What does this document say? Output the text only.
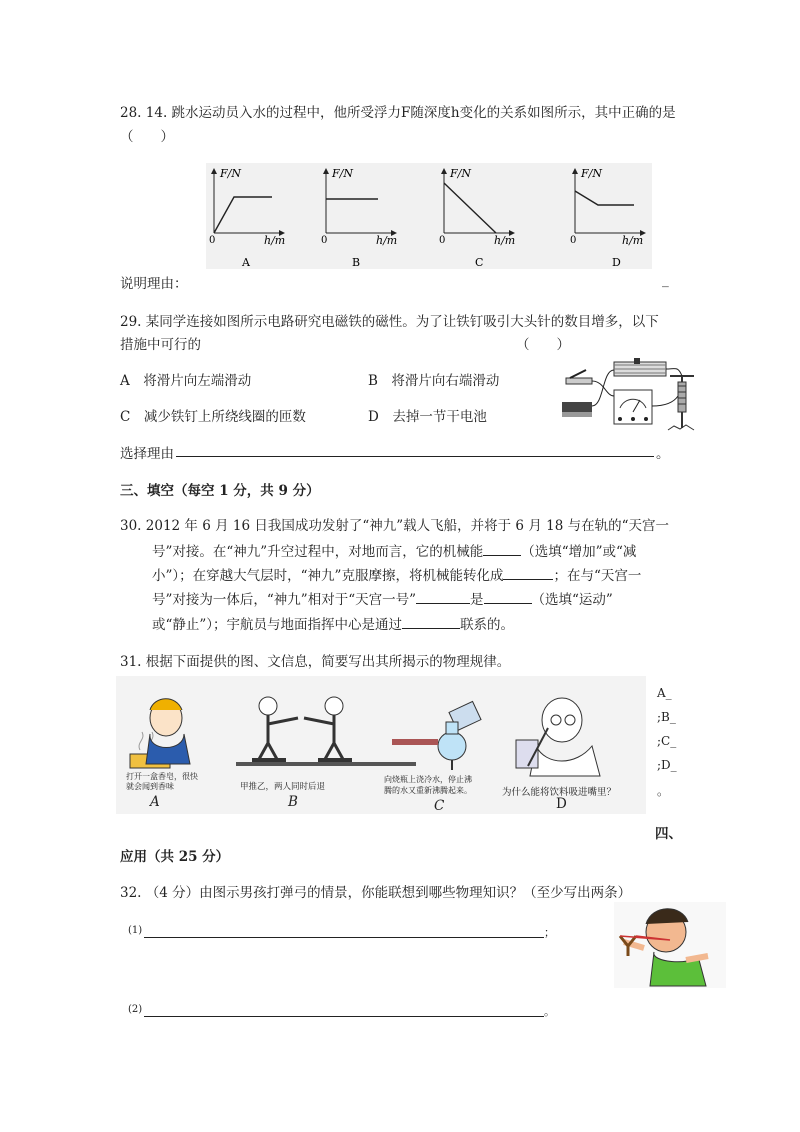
28. 14. 跳水运动员入水的过程中，他所受浮力F随深度h变化的关系如图所示，其中正确的是
（　　）
F/N
h/m
0
A
F/N
h/m
0
B
F/N
h/m
0
C
F/N
h/m
0
D
说明理由：	_
29. 某同学连接如图所示电路研究电磁铁的磁性。为了让铁钉吸引大头针的数目增多，以下
措施中可行的	（　　）
A　将滑片向左端滑动	B　将滑片向右端滑动
C　减少铁钉上所绕线圈的匝数	D　去掉一节干电池
选择理由	。
三、填空（每空 1 分，共 9 分）
30. 2012 年 6 月 16 日我国成功发射了“神九”载人飞船，并将于 6 月 18 与在轨的“天宫一
号”对接。在“神九”升空过程中，对地而言，它的机械能	（选填“增加”或“减
小”）；在穿越大气层时，“神九”克服摩擦，将机械能转化成	；在与“天宫一
号”对接为一体后，“神九”相对于“天宫一号”	是	（选填“运动”
或“静止”）；宇航员与地面指挥中心是通过	联系的。
31. 根据下面提供的图、文信息，简要写出其所揭示的物理规律。
打开一盒香皂，很快
就会闻到香味	甲推乙，两人同时后退
向烧瓶上浇冷水，停止沸
腾的水又重新沸腾起来。	为什么能将饮料吸进嘴里？
A	B	C	D
A_
;B_
;C_
;D_
。
四、
应用（共 25 分）
32. （4 分）由图示男孩打弹弓的情景，你能联想到哪些物理知识？（至少写出两条）
(1)	；
(2)	。
